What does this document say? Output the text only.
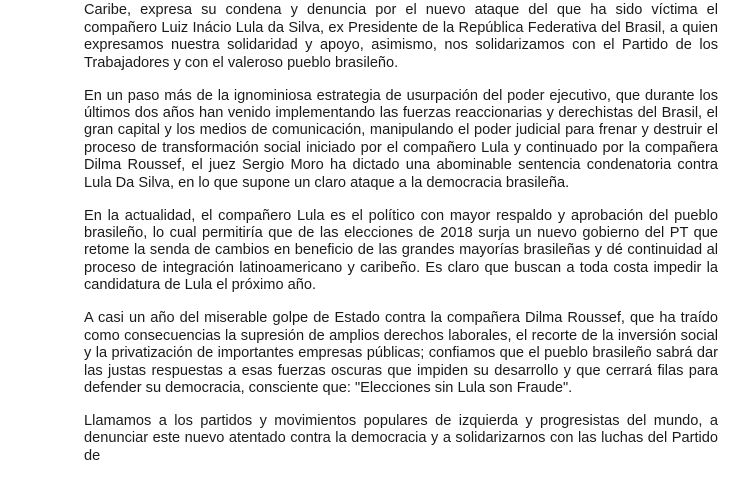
Caribe, expresa su condena y denuncia por el nuevo ataque del que ha sido víctima el compañero Luiz Inácio Lula da Silva, ex Presidente de la República Federativa del Brasil, a quien expresamos nuestra solidaridad y apoyo, asimismo, nos solidarizamos con el Partido de los Trabajadores y con el valeroso pueblo brasileño.

En un paso más de la ignominiosa estrategia de usurpación del poder ejecutivo, que durante los últimos dos años han venido implementando las fuerzas reaccionarias y derechistas del Brasil, el gran capital y los medios de comunicación, manipulando el poder judicial para frenar y destruir el proceso de transformación social iniciado por el compañero Lula y continuado por la compañera Dilma Roussef, el juez Sergio Moro ha dictado una abominable sentencia condenatoria contra Lula Da Silva, en lo que supone un claro ataque a la democracia brasileña.

En la actualidad, el compañero Lula es el político con mayor respaldo y aprobación del pueblo brasileño, lo cual permitiría que de las elecciones de 2018 surja un nuevo gobierno del PT que retome la senda de cambios en beneficio de las grandes mayorías brasileñas y dé continuidad al proceso de integración latinoamericano y caribeño. Es claro que buscan a toda costa impedir la candidatura de Lula el próximo año.

A casi un año del miserable golpe de Estado contra la compañera Dilma Roussef, que ha traído como consecuencias la supresión de amplios derechos laborales, el recorte de la inversión social y la privatización de importantes empresas públicas; confiamos que el pueblo brasileño sabrá dar las justas respuestas a esas fuerzas oscuras que impiden su desarrollo y que cerrará filas para defender su democracia, consciente que: "Elecciones sin Lula son Fraude".

Llamamos a los partidos y movimientos populares de izquierda y progresistas del mundo, a denunciar este nuevo atentado contra la democracia y a solidarizarnos con las luchas del Partido de
